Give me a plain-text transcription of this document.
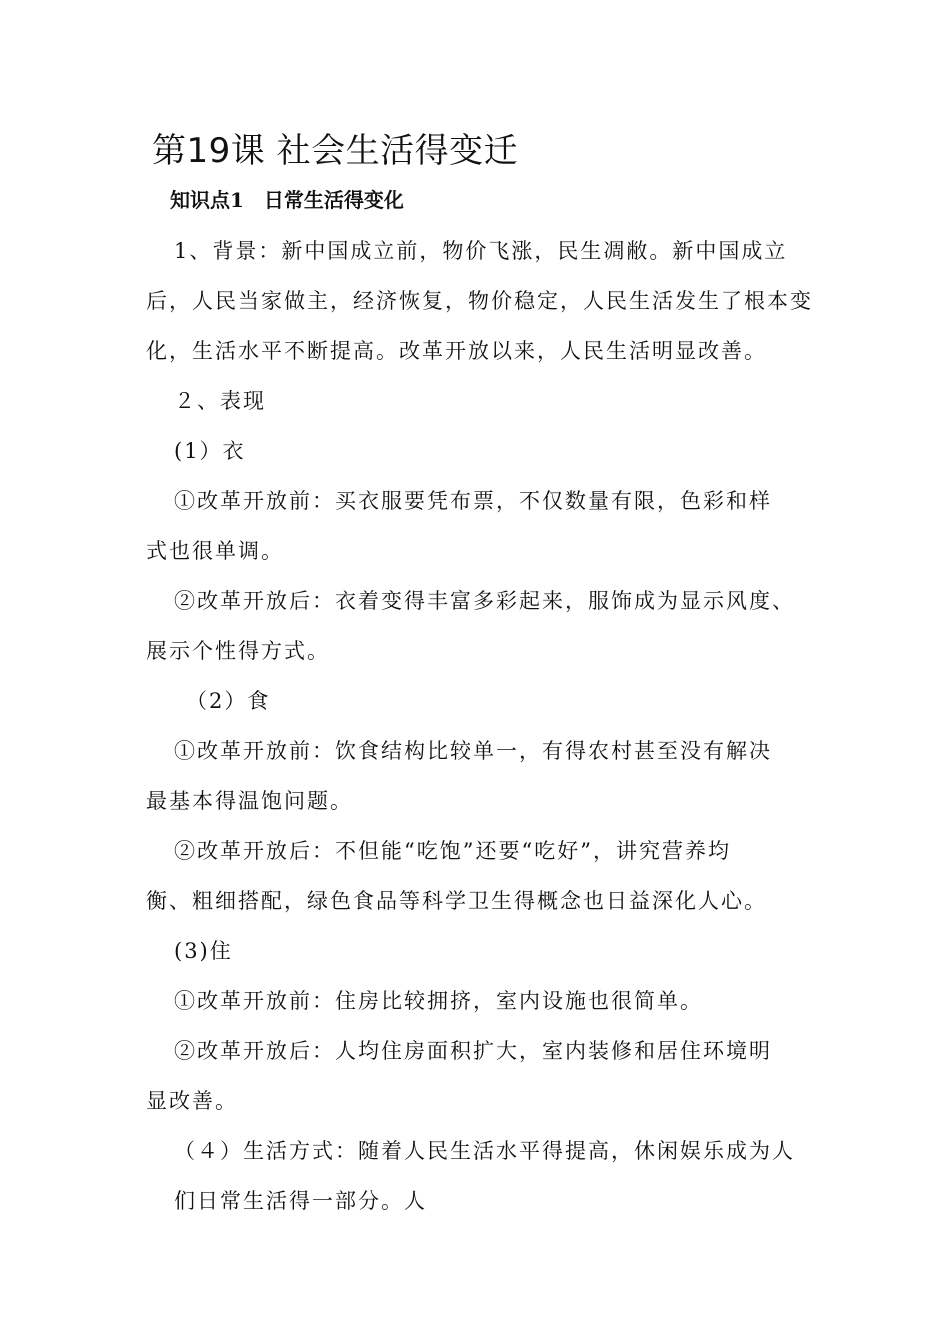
第19课 社会生活得变迁
知识点1　日常生活得变化
1、背景：新中国成立前，物价飞涨，民生凋敝。新中国成立
后，人民当家做主，经济恢复，物价稳定，人民生活发生了根本变
化，生活水平不断提高。改革开放以来，人民生活明显改善。
２、表现
(1）衣
①改革开放前：买衣服要凭布票，不仅数量有限，色彩和样
式也很单调。
②改革开放后：衣着变得丰富多彩起来，服饰成为显示风度、
展示个性得方式。
（2）食
①改革开放前：饮食结构比较单一，有得农村甚至没有解决
最基本得温饱问题。
②改革开放后：不但能“吃饱”还要“吃好”，讲究营养均
衡、粗细搭配，绿色食品等科学卫生得概念也日益深化人心。
(3)住
①改革开放前：住房比较拥挤，室内设施也很简单。
②改革开放后：人均住房面积扩大，室内装修和居住环境明
显改善。
（４）生活方式：随着人民生活水平得提高，休闲娱乐成为人
们日常生活得一部分。人
